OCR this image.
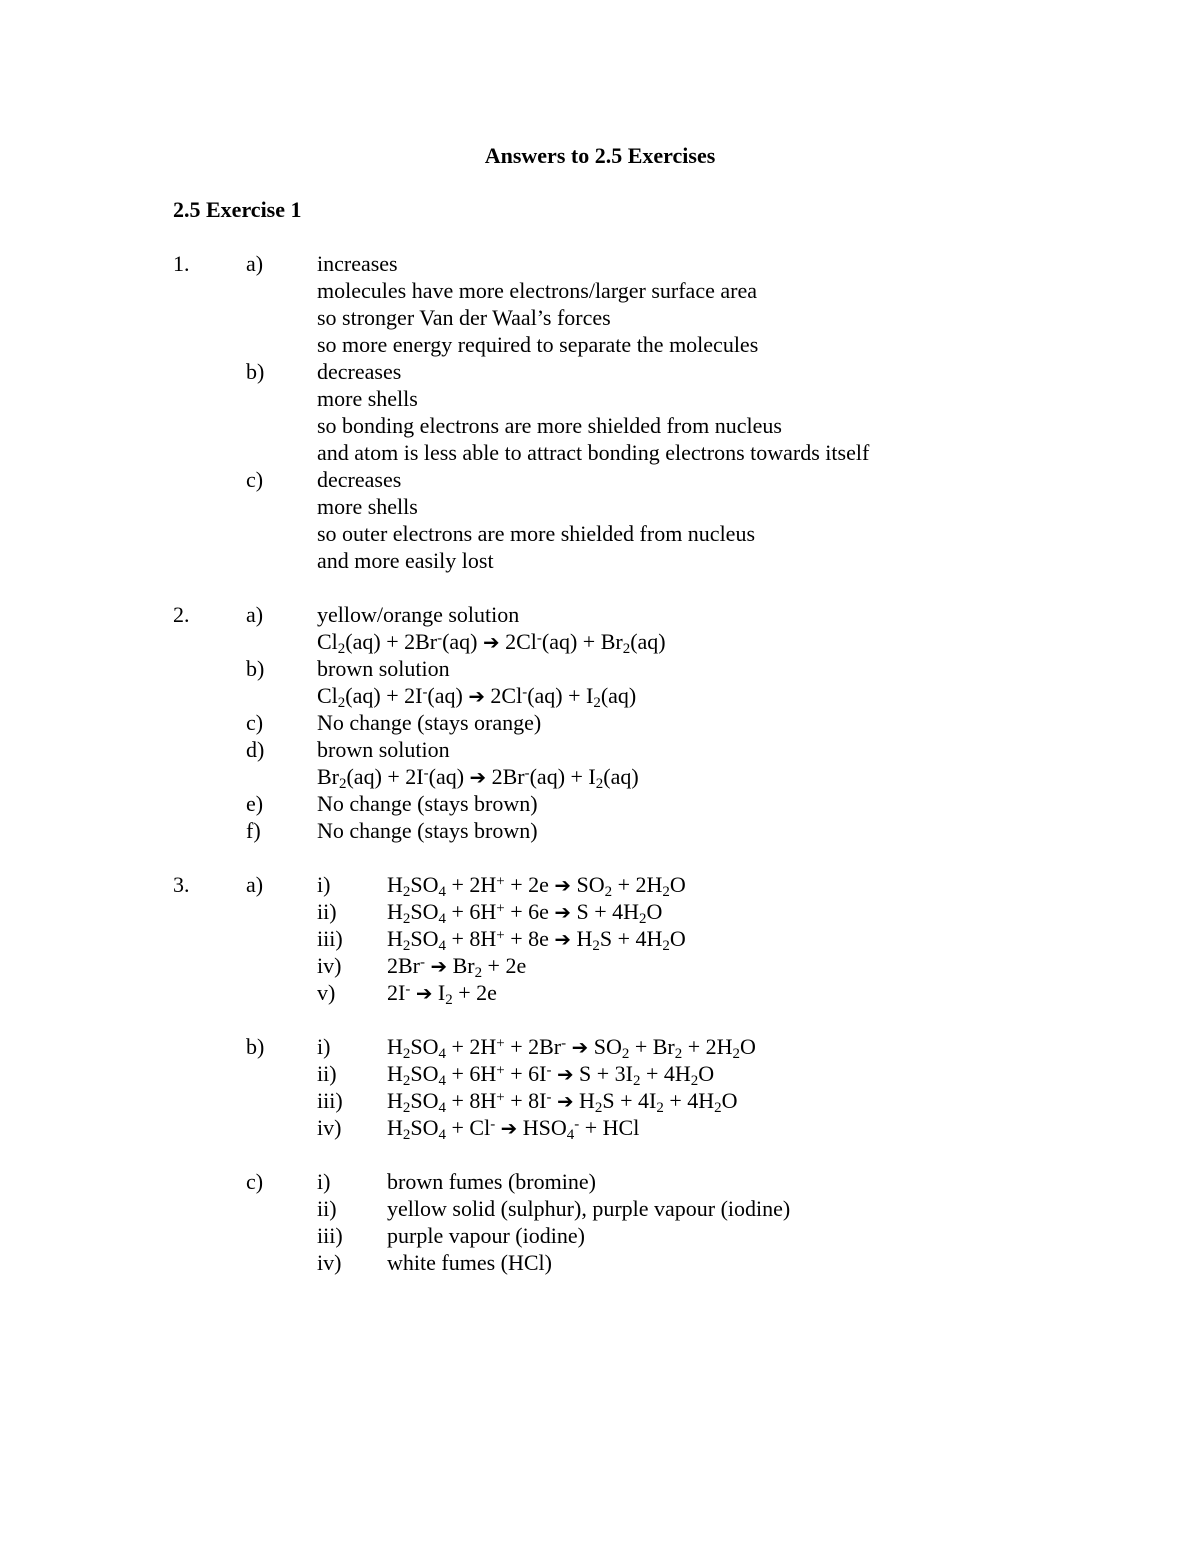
Answers to 2.5 Exercises
2.5 Exercise 1
1.	a) increases
molecules have more electrons/larger surface area
so stronger Van der Waal’s forces
so more energy required to separate the molecules
b) decreases
more shells
so bonding electrons are more shielded from nucleus
and atom is less able to attract bonding electrons towards itself
c) decreases
more shells
so outer electrons are more shielded from nucleus
and more easily lost
2.	a) yellow/orange solution
$Cl_2(aq) + 2Br^-(aq)$ ➔ $2Cl^-(aq) + Br_2(aq)$
b) brown solution
$Cl_2(aq) + 2I^-(aq)$ ➔ $2Cl^-(aq) + I_2(aq)$
c) No change (stays orange)
d) brown solution
$Br_2(aq) + 2I^-(aq)$ ➔ $2Br^-(aq) + I_2(aq)$
e) No change (stays brown)
f)	No change (stays brown)
3.	a) i)	$H_2SO_4 + 2H^+ + 2e$ ➔ $SO_2 + 2H_2O$
ii) $H_2SO_4 + 6H^+ + 6e$ ➔ $S + 4H_2O$
iii) $H_2SO_4 + 8H^+ + 8e$ ➔ $H_2S + 4H_2O$
iv) 2Br- ➔ $Br_2 + 2e$
v) 2I- ➔ $I_2 + 2e$
b) i)	$H_2SO_4 + 2H^+ + 2Br^-$ ➔ $SO_2 + Br_2 + 2H_2O$
ii) $H_2SO_4 + 6H^+ + 6I^-$ ➔ $S + 3I_2 + 4H_2O$
iii) $H_2SO_4 + 8H^+ + 8I^-$ ➔ $H_2S + 4I_2 + 4H_2O$
iv) $H_2SO_4 + Cl^-$ ➔ $HSO_4^-$ + HCl
c) i)	brown fumes (bromine)
ii) yellow solid (sulphur), purple vapour (iodine)
iii) purple vapour (iodine)
iv) white fumes (HCl)
